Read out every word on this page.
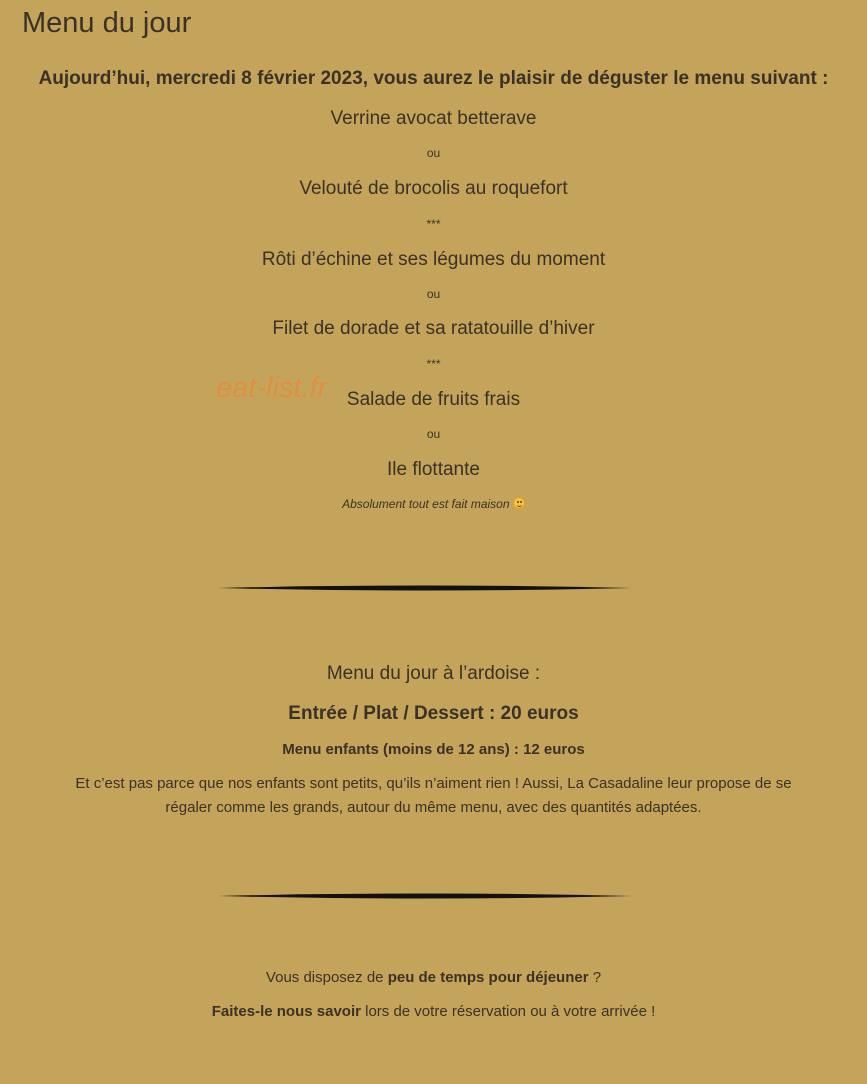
Menu du jour
Aujourd’hui, mercredi 8 février 2023, vous aurez le plaisir de déguster le menu suivant :
Verrine avocat betterave
ou
Velouté de brocolis au roquefort
***
Rôti d’échine et ses légumes du moment
ou
Filet de dorade et sa ratatouille d’hiver
***
Salade de fruits frais
ou
Ile flottante
Absolument tout est fait maison
eat-list.fr
Menu du jour à l’ardoise :
Entrée / Plat / Dessert : 20 euros
Menu enfants (moins de 12 ans) : 12 euros
Et c’est pas parce que nos enfants sont petits, qu’ils n’aiment rien ! Aussi, La Casadaline leur propose de se
régaler comme les grands, autour du même menu, avec des quantités adaptées.
Vous disposez de peu de temps pour déjeuner ?
Faites-le nous savoir lors de votre réservation ou à votre arrivée !
